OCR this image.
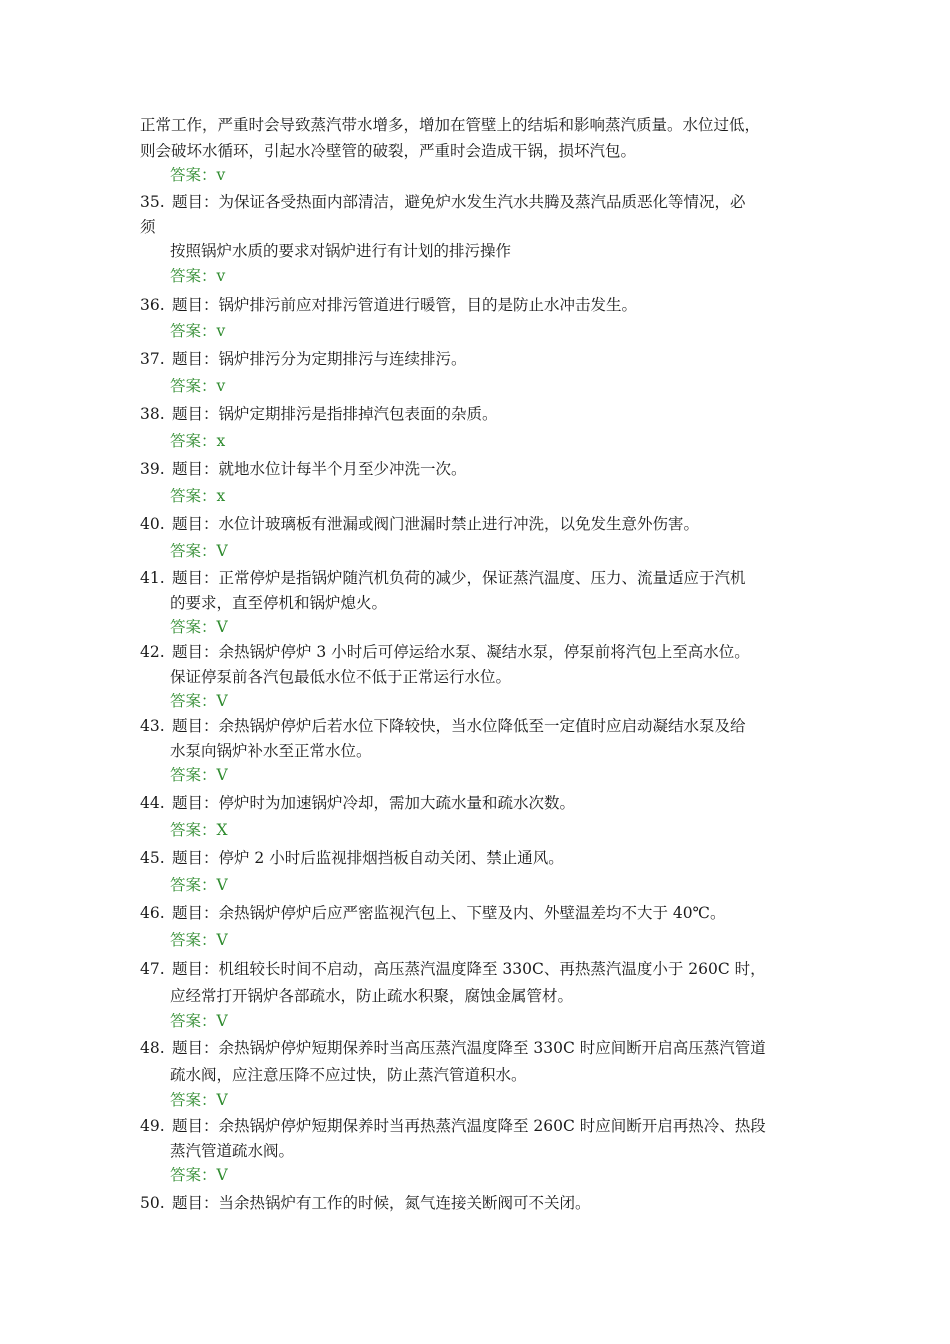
正常工作，严重时会导致蒸汽带水增多，增加在管壁上的结垢和影响蒸汽质量。水位过低，
则会破坏水循环，引起水冷壁管的破裂，严重时会造成干锅，损坏汽包。
答案：v
35. 题目：为保证各受热面内部清洁，避免炉水发生汽水共腾及蒸汽品质恶化等情况，必
须
按照锅炉水质的要求对锅炉进行有计划的排污操作
答案：v
36. 题目：锅炉排污前应对排污管道进行暖管，目的是防止水冲击发生。
答案：v
37. 题目：锅炉排污分为定期排污与连续排污。
答案：v
38. 题目：锅炉定期排污是指排掉汽包表面的杂质。
答案：x
39. 题目：就地水位计每半个月至少冲洗一次。
答案：x
40. 题目：水位计玻璃板有泄漏或阀门泄漏时禁止进行冲洗，以免发生意外伤害。
答案：V
41. 题目：正常停炉是指锅炉随汽机负荷的减少，保证蒸汽温度、压力、流量适应于汽机
的要求，直至停机和锅炉熄火。
答案：V
42. 题目：余热锅炉停炉 3 小时后可停运给水泵、凝结水泵，停泵前将汽包上至高水位。
保证停泵前各汽包最低水位不低于正常运行水位。
答案：V
43. 题目：余热锅炉停炉后若水位下降较快，当水位降低至一定值时应启动凝结水泵及给
水泵向锅炉补水至正常水位。
答案：V
44. 题目：停炉时为加速锅炉冷却，需加大疏水量和疏水次数。
答案：X
45. 题目：停炉 2 小时后监视排烟挡板自动关闭、禁止通风。
答案：V
46. 题目：余热锅炉停炉后应严密监视汽包上、下壁及内、外壁温差均不大于 40℃。
答案：V
47. 题目：机组较长时间不启动，高压蒸汽温度降至 330C、再热蒸汽温度小于 260C 时，
应经常打开锅炉各部疏水，防止疏水积聚，腐蚀金属管材。
答案：V
48. 题目：余热锅炉停炉短期保养时当高压蒸汽温度降至 330C 时应间断开启高压蒸汽管道
疏水阀，应注意压降不应过快，防止蒸汽管道积水。
答案：V
49. 题目：余热锅炉停炉短期保养时当再热蒸汽温度降至 260C 时应间断开启再热冷、热段
蒸汽管道疏水阀。
答案：V
50. 题目：当余热锅炉有工作的时候，氮气连接关断阀可不关闭。
